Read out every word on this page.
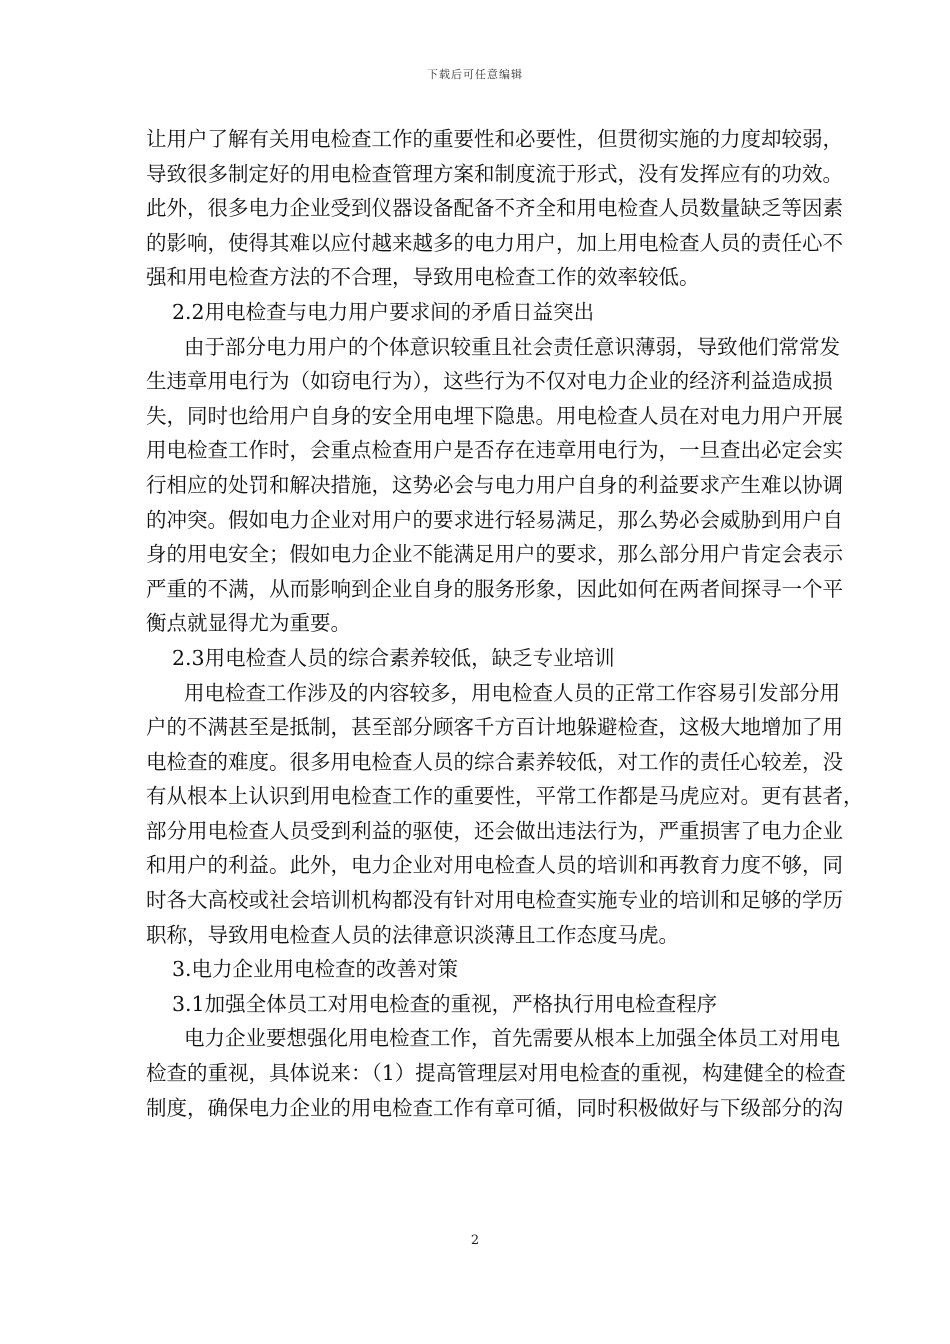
下载后可任意编辑
让用户了解有关用电检查工作的重要性和必要性，但贯彻实施的力度却较弱，
导致很多制定好的用电检查管理方案和制度流于形式，没有发挥应有的功效。
此外，很多电力企业受到仪器设备配备不齐全和用电检查人员数量缺乏等因素
的影响，使得其难以应付越来越多的电力用户，加上用电检查人员的责任心不
强和用电检查方法的不合理，导致用电检查工作的效率较低。
2.2用电检查与电力用户要求间的矛盾日益突出
由于部分电力用户的个体意识较重且社会责任意识薄弱，导致他们常常发
生违章用电行为（如窃电行为），这些行为不仅对电力企业的经济利益造成损
失，同时也给用户自身的安全用电埋下隐患。用电检查人员在对电力用户开展
用电检查工作时，会重点检查用户是否存在违章用电行为，一旦查出必定会实
行相应的处罚和解决措施，这势必会与电力用户自身的利益要求产生难以协调
的冲突。假如电力企业对用户的要求进行轻易满足，那么势必会威胁到用户自
身的用电安全；假如电力企业不能满足用户的要求，那么部分用户肯定会表示
严重的不满，从而影响到企业自身的服务形象，因此如何在两者间探寻一个平
衡点就显得尤为重要。
2.3用电检查人员的综合素养较低，缺乏专业培训
用电检查工作涉及的内容较多，用电检查人员的正常工作容易引发部分用
户的不满甚至是抵制，甚至部分顾客千方百计地躲避检查，这极大地增加了用
电检查的难度。很多用电检查人员的综合素养较低，对工作的责任心较差，没
有从根本上认识到用电检查工作的重要性，平常工作都是马虎应对。更有甚者，
部分用电检查人员受到利益的驱使，还会做出违法行为，严重损害了电力企业
和用户的利益。此外，电力企业对用电检查人员的培训和再教育力度不够，同
时各大高校或社会培训机构都没有针对用电检查实施专业的培训和足够的学历
职称，导致用电检查人员的法律意识淡薄且工作态度马虎。
3.电力企业用电检查的改善对策
3.1加强全体员工对用电检查的重视，严格执行用电检查程序
电力企业要想强化用电检查工作，首先需要从根本上加强全体员工对用电
检查的重视，具体说来：（1）提高管理层对用电检查的重视，构建健全的检查
制度，确保电力企业的用电检查工作有章可循，同时积极做好与下级部分的沟
2
